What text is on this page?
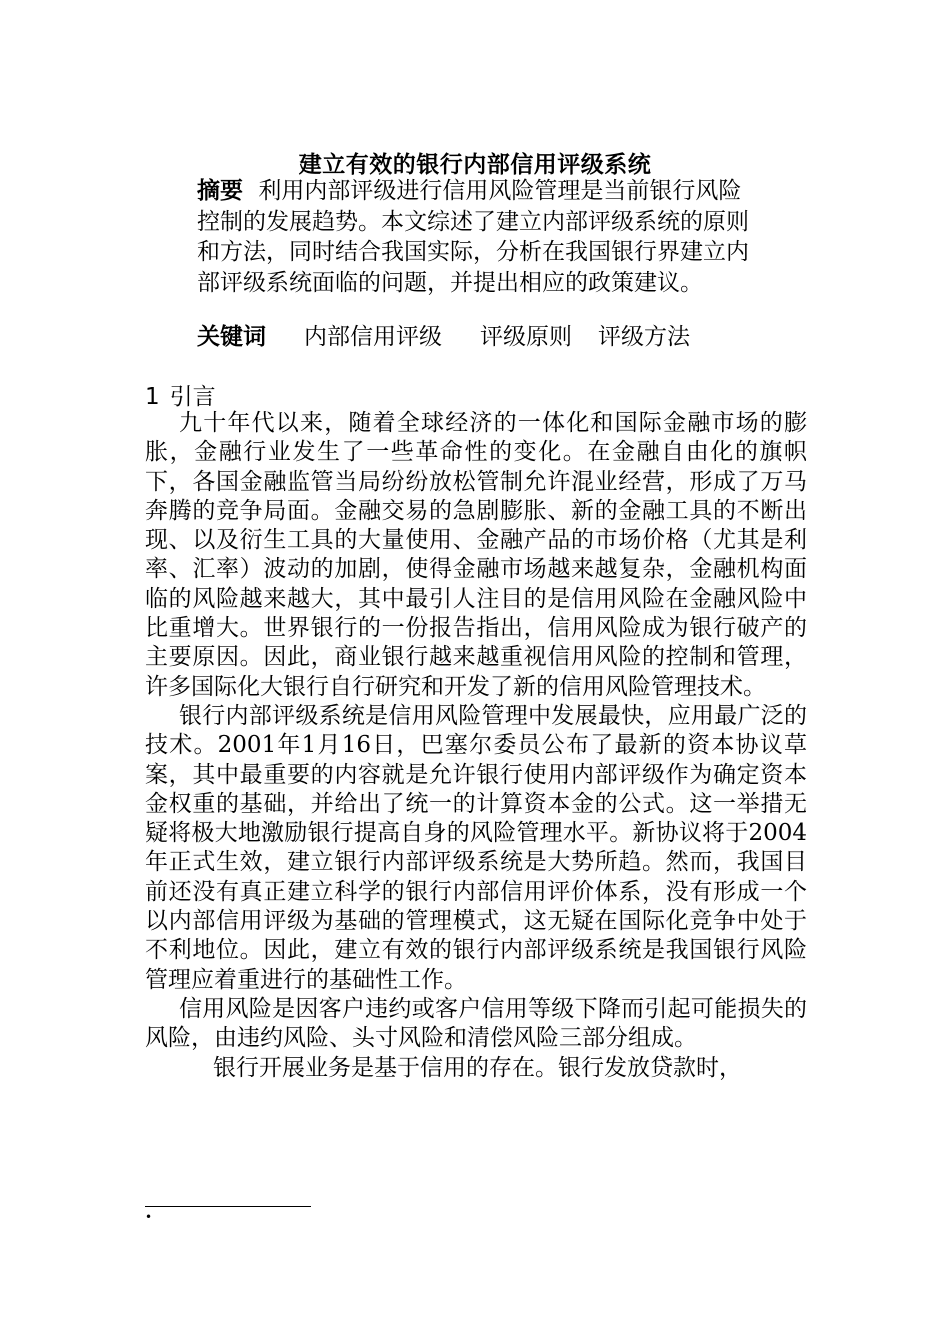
建立有效的银行内部信用评级系统
摘要 利用内部评级进行信用风险管理是当前银行风险控制的发展趋势。本文综述了建立内部评级系统的原则和方法，同时结合我国实际，分析在我国银行界建立内部评级系统面临的问题，并提出相应的政策建议。
关键词 内部信用评级 评级原则 评级方法
1 引言

九十年代以来，随着全球经济的一体化和国际金融市场的膨胀，金融行业发生了一些革命性的变化。在金融自由化的旗帜下，各国金融监管当局纷纷放松管制允许混业经营，形成了万马奔腾的竞争局面。金融交易的急剧膨胀、新的金融工具的不断出现、以及衍生工具的大量使用、金融产品的市场价格（尤其是利率、汇率）波动的加剧，使得金融市场越来越复杂，金融机构面临的风险越来越大，其中最引人注目的是信用风险在金融风险中比重增大。世界银行的一份报告指出，信用风险成为银行破产的主要原因。因此，商业银行越来越重视信用风险的控制和管理，许多国际化大银行自行研究和开发了新的信用风险管理技术。

银行内部评级系统是信用风险管理中发展最快，应用最广泛的技术。2001年1月16日，巴塞尔委员公布了最新的资本协议草案，其中最重要的内容就是允许银行使用内部评级作为确定资本金权重的基础，并给出了统一的计算资本金的公式。这一举措无疑将极大地激励银行提高自身的风险管理水平。新协议将于2004年正式生效，建立银行内部评级系统是大势所趋。然而，我国目前还没有真正建立科学的银行内部信用评价体系，没有形成一个以内部信用评级为基础的管理模式，这无疑在国际化竞争中处于不利地位。因此，建立有效的银行内部评级系统是我国银行风险管理应着重进行的基础性工作。

信用风险是因客户违约或客户信用等级下降而引起可能损失的风险，由违约风险、头寸风险和清偿风险三部分组成。

银行开展业务是基于信用的存在。银行发放贷款时，

•
